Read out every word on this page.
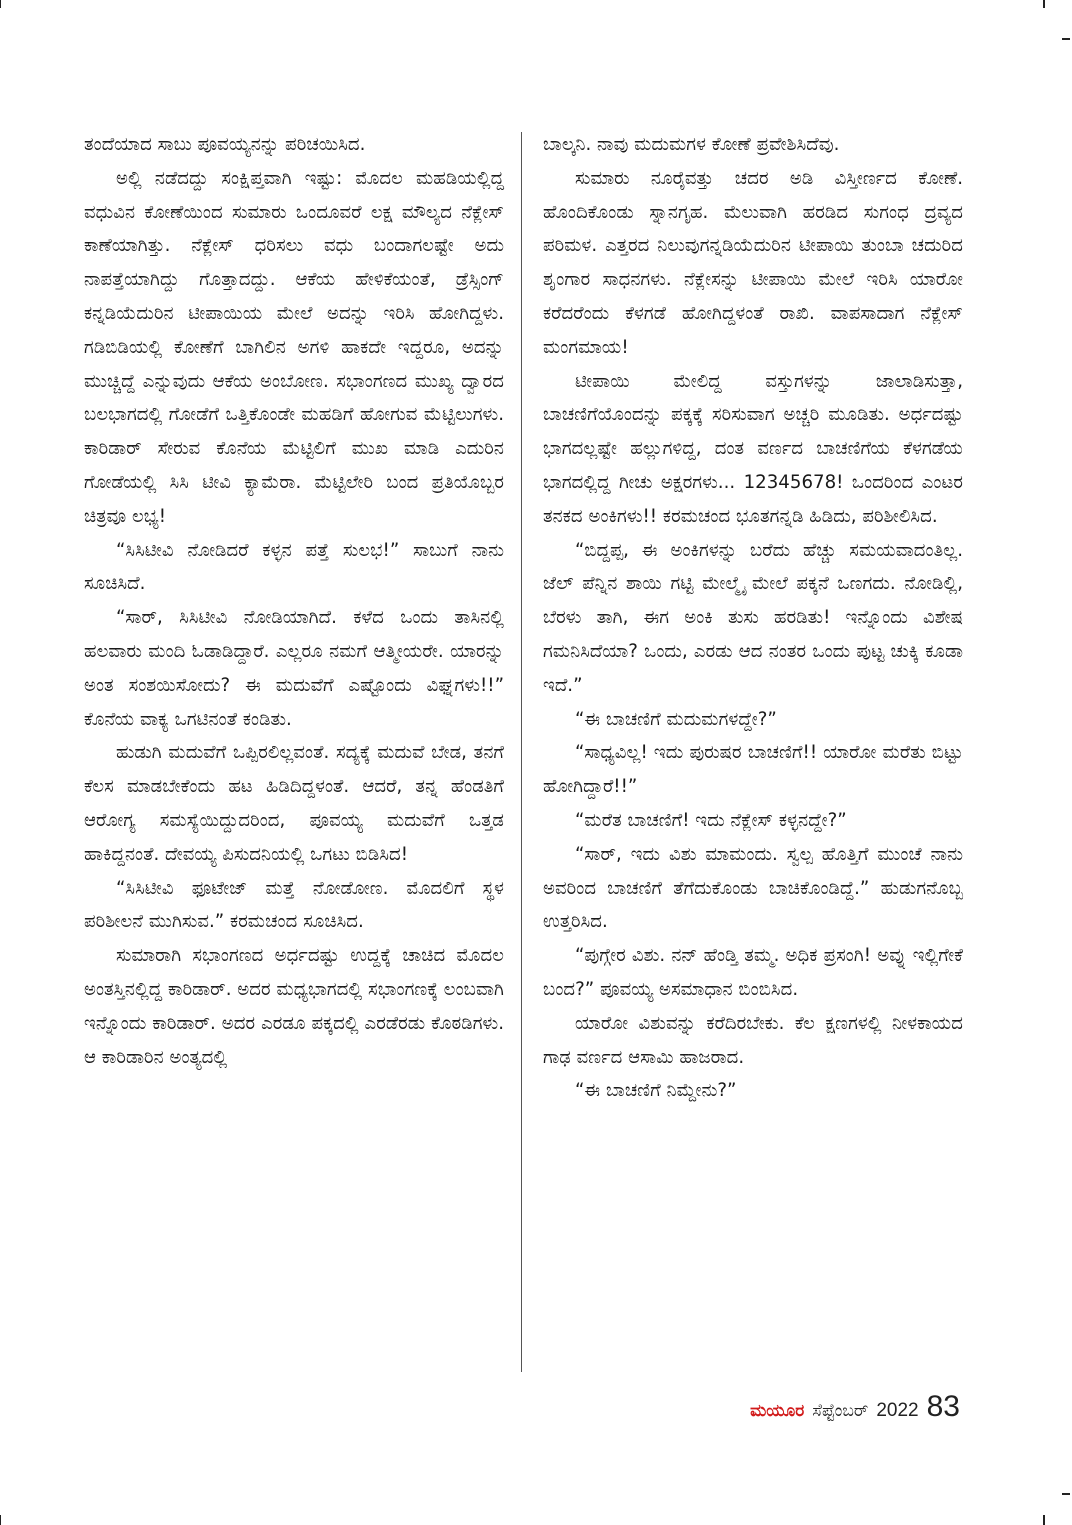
ತಂದೆಯಾದ ಸಾಬು ಪೂವಯ್ಯನನ್ನು ಪರಿಚಯಿಸಿದ.

ಅಲ್ಲಿ ನಡೆದದ್ದು ಸಂಕ್ಷಿಪ್ತವಾಗಿ ಇಷ್ಟು: ಮೊದಲ ಮಹಡಿಯಲ್ಲಿದ್ದ ವಧುವಿನ ಕೋಣೆಯಿಂದ ಸುಮಾರು ಒಂದೂವರೆ ಲಕ್ಷ ಮೌಲ್ಯದ ನೆಕ್ಲೇಸ್ ಕಾಣೆಯಾಗಿತ್ತು. ನೆಕ್ಲೇಸ್ ಧರಿಸಲು ವಧು ಬಂದಾಗಲಷ್ಟೇ ಅದು ನಾಪತ್ತೆಯಾಗಿದ್ದು ಗೊತ್ತಾದದ್ದು. ಆಕೆಯ ಹೇಳಿಕೆಯಂತೆ, ಡ್ರೆಸ್ಸಿಂಗ್ ಕನ್ನಡಿಯೆದುರಿನ ಟೀಪಾಯಿಯ ಮೇಲೆ ಅದನ್ನು ಇರಿಸಿ ಹೋಗಿದ್ದಳು. ಗಡಿಬಿಡಿಯಲ್ಲಿ ಕೋಣೆಗೆ ಬಾಗಿಲಿನ ಅಗಳಿ ಹಾಕದೇ ಇದ್ದರೂ, ಅದನ್ನು ಮುಚ್ಚಿದ್ದೆ ಎನ್ನುವುದು ಆಕೆಯ ಅಂಬೋಣ. ಸಭಾಂಗಣದ ಮುಖ್ಯ ದ್ವಾರದ ಬಲಭಾಗದಲ್ಲಿ ಗೋಡೆಗೆ ಒತ್ತಿಕೊಂಡೇ ಮಹಡಿಗೆ ಹೋಗುವ ಮೆಟ್ಟಿಲುಗಳು. ಕಾರಿಡಾರ್ ಸೇರುವ ಕೊನೆಯ ಮೆಟ್ಟಿಲಿಗೆ ಮುಖ ಮಾಡಿ ಎದುರಿನ ಗೋಡೆಯಲ್ಲಿ ಸಿಸಿ ಟೀವಿ ಕ್ಯಾಮೆರಾ. ಮೆಟ್ಟಿಲೇರಿ ಬಂದ ಪ್ರತಿಯೊಬ್ಬರ ಚಿತ್ರವೂ ಲಭ್ಯ!

“ಸಿಸಿಟೀವಿ ನೋಡಿದರೆ ಕಳ್ಳನ ಪತ್ತೆ ಸುಲಭ!” ಸಾಬುಗೆ ನಾನು ಸೂಚಿಸಿದೆ.

“ಸಾರ್, ಸಿಸಿಟೀವಿ ನೋಡಿಯಾಗಿದೆ. ಕಳೆದ ಒಂದು ತಾಸಿನಲ್ಲಿ ಹಲವಾರು ಮಂದಿ ಓಡಾಡಿದ್ದಾರೆ. ಎಲ್ಲರೂ ನಮಗೆ ಆತ್ಮೀಯರೇ. ಯಾರನ್ನು ಅಂತ ಸಂಶಯಿಸೋದು? ಈ ಮದುವೆಗೆ ಎಷ್ಟೊಂದು ವಿಘ್ನಗಳು!!” ಕೊನೆಯ ವಾಕ್ಯ ಒಗಟಿನಂತೆ ಕಂಡಿತು.

ಹುಡುಗಿ ಮದುವೆಗೆ ಒಪ್ಪಿರಲಿಲ್ಲವಂತೆ. ಸದ್ಯಕ್ಕೆ ಮದುವೆ ಬೇಡ, ತನಗೆ ಕೆಲಸ ಮಾಡಬೇಕೆಂದು ಹಟ ಹಿಡಿದಿದ್ದಳಂತೆ. ಆದರೆ, ತನ್ನ ಹೆಂಡತಿಗೆ ಆರೋಗ್ಯ ಸಮಸ್ಯೆಯಿದ್ದುದರಿಂದ, ಪೂವಯ್ಯ ಮದುವೆಗೆ ಒತ್ತಡ ಹಾಕಿದ್ದನಂತೆ. ದೇವಯ್ಯ ಪಿಸುದನಿಯಲ್ಲಿ ಒಗಟು ಬಿಡಿಸಿದ!

“ಸಿಸಿಟೀವಿ ಫೂಟೇಜ್ ಮತ್ತೆ ನೋಡೋಣ. ಮೊದಲಿಗೆ ಸ್ಥಳ ಪರಿಶೀಲನೆ ಮುಗಿಸುವ.” ಕರಮಚಂದ ಸೂಚಿಸಿದ.

ಸುಮಾರಾಗಿ ಸಭಾಂಗಣದ ಅರ್ಧದಷ್ಟು ಉದ್ದಕ್ಕೆ ಚಾಚಿದ ಮೊದಲ ಅಂತಸ್ತಿನಲ್ಲಿದ್ದ ಕಾರಿಡಾರ್. ಅದರ ಮಧ್ಯಭಾಗದಲ್ಲಿ ಸಭಾಂಗಣಕ್ಕೆ ಲಂಬವಾಗಿ ಇನ್ನೊಂದು ಕಾರಿಡಾರ್. ಅದರ ಎರಡೂ ಪಕ್ಕದಲ್ಲಿ ಎರಡೆರಡು ಕೊಠಡಿಗಳು. ಆ ಕಾರಿಡಾರಿನ ಅಂತ್ಯದಲ್ಲಿ

ಬಾಲ್ಕನಿ. ನಾವು ಮದುಮಗಳ ಕೋಣೆ ಪ್ರವೇಶಿಸಿದೆವು.

ಸುಮಾರು ನೂರೈವತ್ತು ಚದರ ಅಡಿ ವಿಸ್ತೀರ್ಣದ ಕೋಣೆ. ಹೊಂದಿಕೊಂಡು ಸ್ನಾನಗೃಹ. ಮೆಲುವಾಗಿ ಹರಡಿದ ಸುಗಂಧ ದ್ರವ್ಯದ ಪರಿಮಳ. ಎತ್ತರದ ನಿಲುವುಗನ್ನಡಿಯೆದುರಿನ ಟೀಪಾಯಿ ತುಂಬಾ ಚದುರಿದ ಶೃಂಗಾರ ಸಾಧನಗಳು. ನೆಕ್ಲೇಸನ್ನು ಟೀಪಾಯಿ ಮೇಲೆ ಇರಿಸಿ ಯಾರೋ ಕರೆದರೆಂದು ಕೆಳಗಡೆ ಹೋಗಿದ್ದಳಂತೆ ರಾಖಿ. ವಾಪಸಾದಾಗ ನೆಕ್ಲೇಸ್ ಮಂಗಮಾಯ!

ಟೀಪಾಯಿ ಮೇಲಿದ್ದ ವಸ್ತುಗಳನ್ನು ಜಾಲಾಡಿಸುತ್ತಾ, ಬಾಚಣಿಗೆಯೊಂದನ್ನು ಪಕ್ಕಕ್ಕೆ ಸರಿಸುವಾಗ ಅಚ್ಚರಿ ಮೂಡಿತು. ಅರ್ಧದಷ್ಟು ಭಾಗದಲ್ಲಷ್ಟೇ ಹಲ್ಲುಗಳಿದ್ದ, ದಂತ ವರ್ಣದ ಬಾಚಣಿಗೆಯ ಕೆಳಗಡೆಯ ಭಾಗದಲ್ಲಿದ್ದ ಗೀಚು ಅಕ್ಷರಗಳು... 12345678! ಒಂದರಿಂದ ಎಂಟರ ತನಕದ ಅಂಕಿಗಳು!! ಕರಮಚಂದ ಭೂತಗನ್ನಡಿ ಹಿಡಿದು, ಪರಿಶೀಲಿಸಿದ.

“ಬಿದ್ದಪ್ಪ, ಈ ಅಂಕಿಗಳನ್ನು ಬರೆದು ಹೆಚ್ಚು ಸಮಯವಾದಂತಿಲ್ಲ. ಜೆಲ್ ಪೆನ್ನಿನ ಶಾಯಿ ಗಟ್ಟಿ ಮೇಲ್ಮೈ ಮೇಲೆ ಪಕ್ಕನೆ ಒಣಗದು. ನೋಡಿಲ್ಲಿ, ಬೆರಳು ತಾಗಿ, ಈಗ ಅಂಕಿ ತುಸು ಹರಡಿತು! ಇನ್ನೊಂದು ವಿಶೇಷ ಗಮನಿಸಿದೆಯಾ? ಒಂದು, ಎರಡು ಆದ ನಂತರ ಒಂದು ಪುಟ್ಟ ಚುಕ್ಕಿ ಕೂಡಾ ಇದೆ.”

“ಈ ಬಾಚಣಿಗೆ ಮದುಮಗಳದ್ದೇ?”

“ಸಾಧ್ಯವಿಲ್ಲ! ಇದು ಪುರುಷರ ಬಾಚಣಿಗೆ!! ಯಾರೋ ಮರೆತು ಬಿಟ್ಟು ಹೋಗಿದ್ದಾರೆ!!”

“ಮರೆತ ಬಾಚಣಿಗೆ! ಇದು ನೆಕ್ಲೇಸ್ ಕಳ್ಳನದ್ದೇ?”

“ಸಾರ್, ಇದು ವಿಶು ಮಾಮಂದು. ಸ್ವಲ್ಪ ಹೊತ್ತಿಗೆ ಮುಂಚೆ ನಾನು ಅವರಿಂದ ಬಾಚಣಿಗೆ ತೆಗೆದುಕೊಂಡು ಬಾಚಿಕೊಂಡಿದ್ದೆ.” ಹುಡುಗನೊಬ್ಬ ಉತ್ತರಿಸಿದ.

“ಪುಗ್ಗೇರ ವಿಶು. ನನ್ ಹೆಂಡ್ತಿ ತಮ್ಮ. ಅಧಿಕ ಪ್ರಸಂಗಿ! ಅವ್ನು ಇಲ್ಲಿಗೇಕೆ ಬಂದ?” ಪೂವಯ್ಯ ಅಸಮಾಧಾನ ಬಿಂಬಿಸಿದ.

ಯಾರೋ ವಿಶುವನ್ನು ಕರೆದಿರಬೇಕು. ಕೆಲ ಕ್ಷಣಗಳಲ್ಲಿ ನೀಳಕಾಯದ ಗಾಢ ವರ್ಣದ ಆಸಾಮಿ ಹಾಜರಾದ.

“ಈ ಬಾಚಣಿಗೆ ನಿಮ್ದೇನು?”

ಮಯೂರ ಸೆಪ್ಟೆಂಬರ್ 2022 83
